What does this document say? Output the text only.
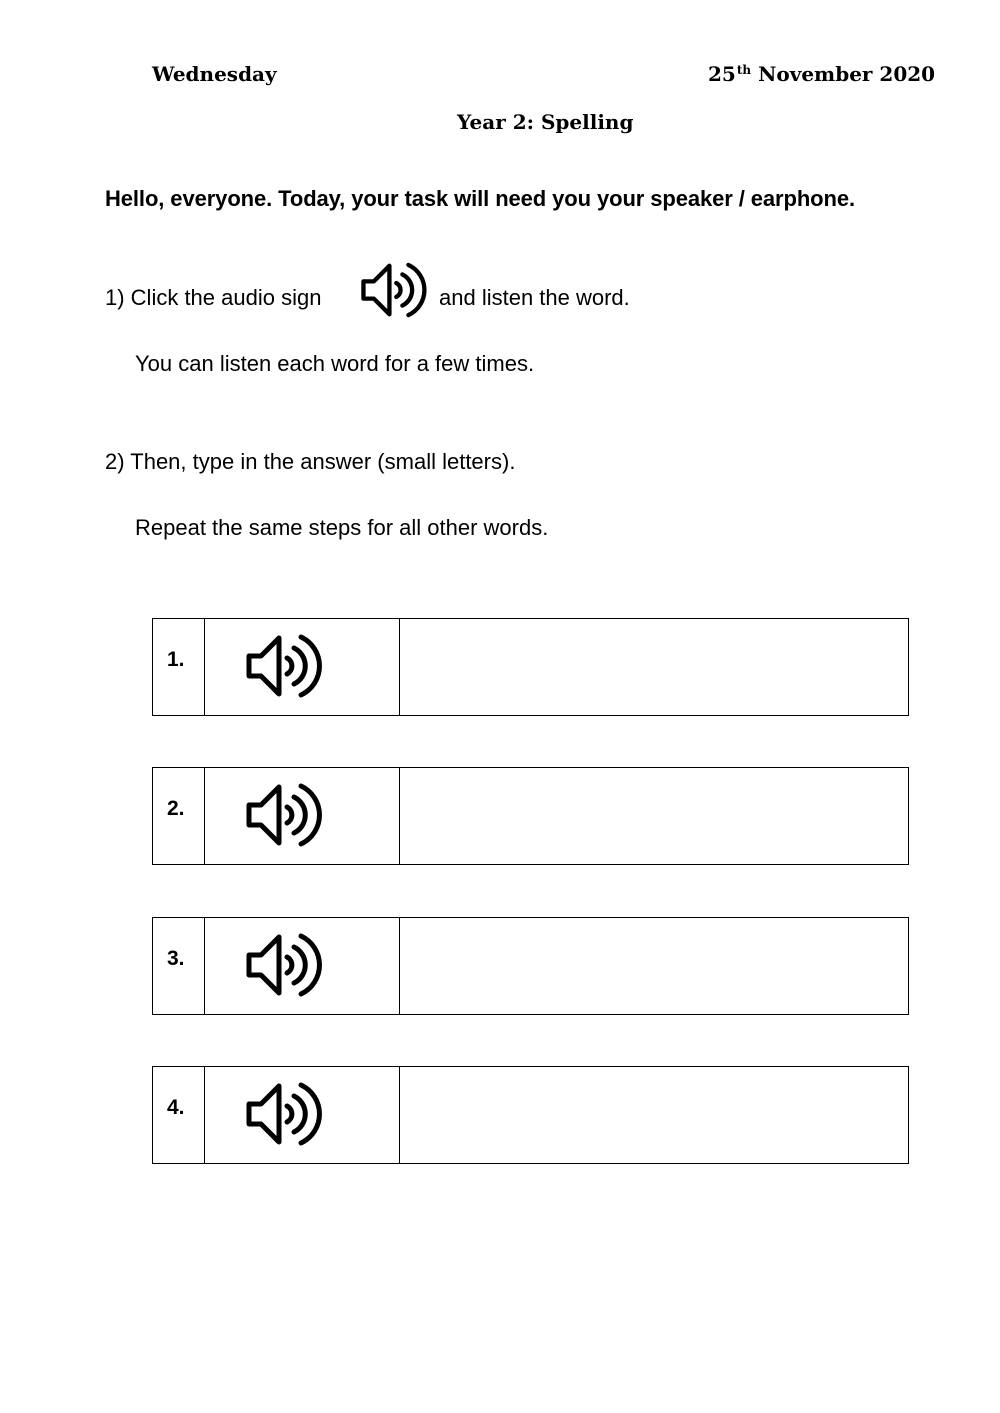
Wednesday	25th November 2020
Year 2: Spelling
Hello, everyone. Today, your task will need you your speaker / earphone.
1) Click the audio sign	and listen the word.
You can listen each word for a few times.
2) Then, type in the answer (small letters).
Repeat the same steps for all other words.
1.
2.
3.
4.
